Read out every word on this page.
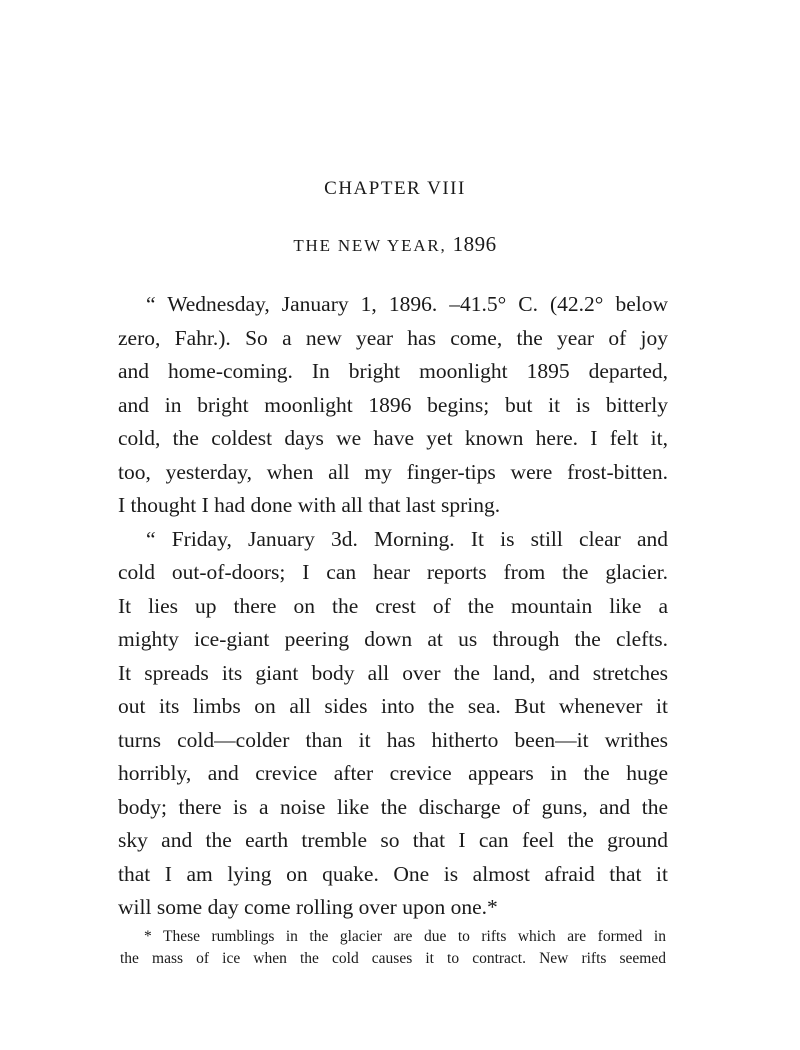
CHAPTER VIII
THE NEW YEAR, 1896
“ Wednesday, January 1, 1896. –41.5° C. (42.2° below
zero, Fahr.). So a new year has come, the year of joy
and home-coming. In bright moonlight 1895 departed,
and in bright moonlight 1896 begins; but it is bitterly
cold, the coldest days we have yet known here. I felt it,
too, yesterday, when all my finger-tips were frost-bitten.
I thought I had done with all that last spring.
“ Friday, January 3d. Morning. It is still clear and
cold out-of-doors; I can hear reports from the glacier.
It lies up there on the crest of the mountain like a
mighty ice-giant peering down at us through the clefts.
It spreads its giant body all over the land, and stretches
out its limbs on all sides into the sea. But whenever it
turns cold—colder than it has hitherto been—it writhes
horribly, and crevice after crevice appears in the huge
body; there is a noise like the discharge of guns, and the
sky and the earth tremble so that I can feel the ground
that I am lying on quake. One is almost afraid that it
will some day come rolling over upon one.*
* These rumblings in the glacier are due to rifts which are formed in
the mass of ice when the cold causes it to contract. New rifts seemed
